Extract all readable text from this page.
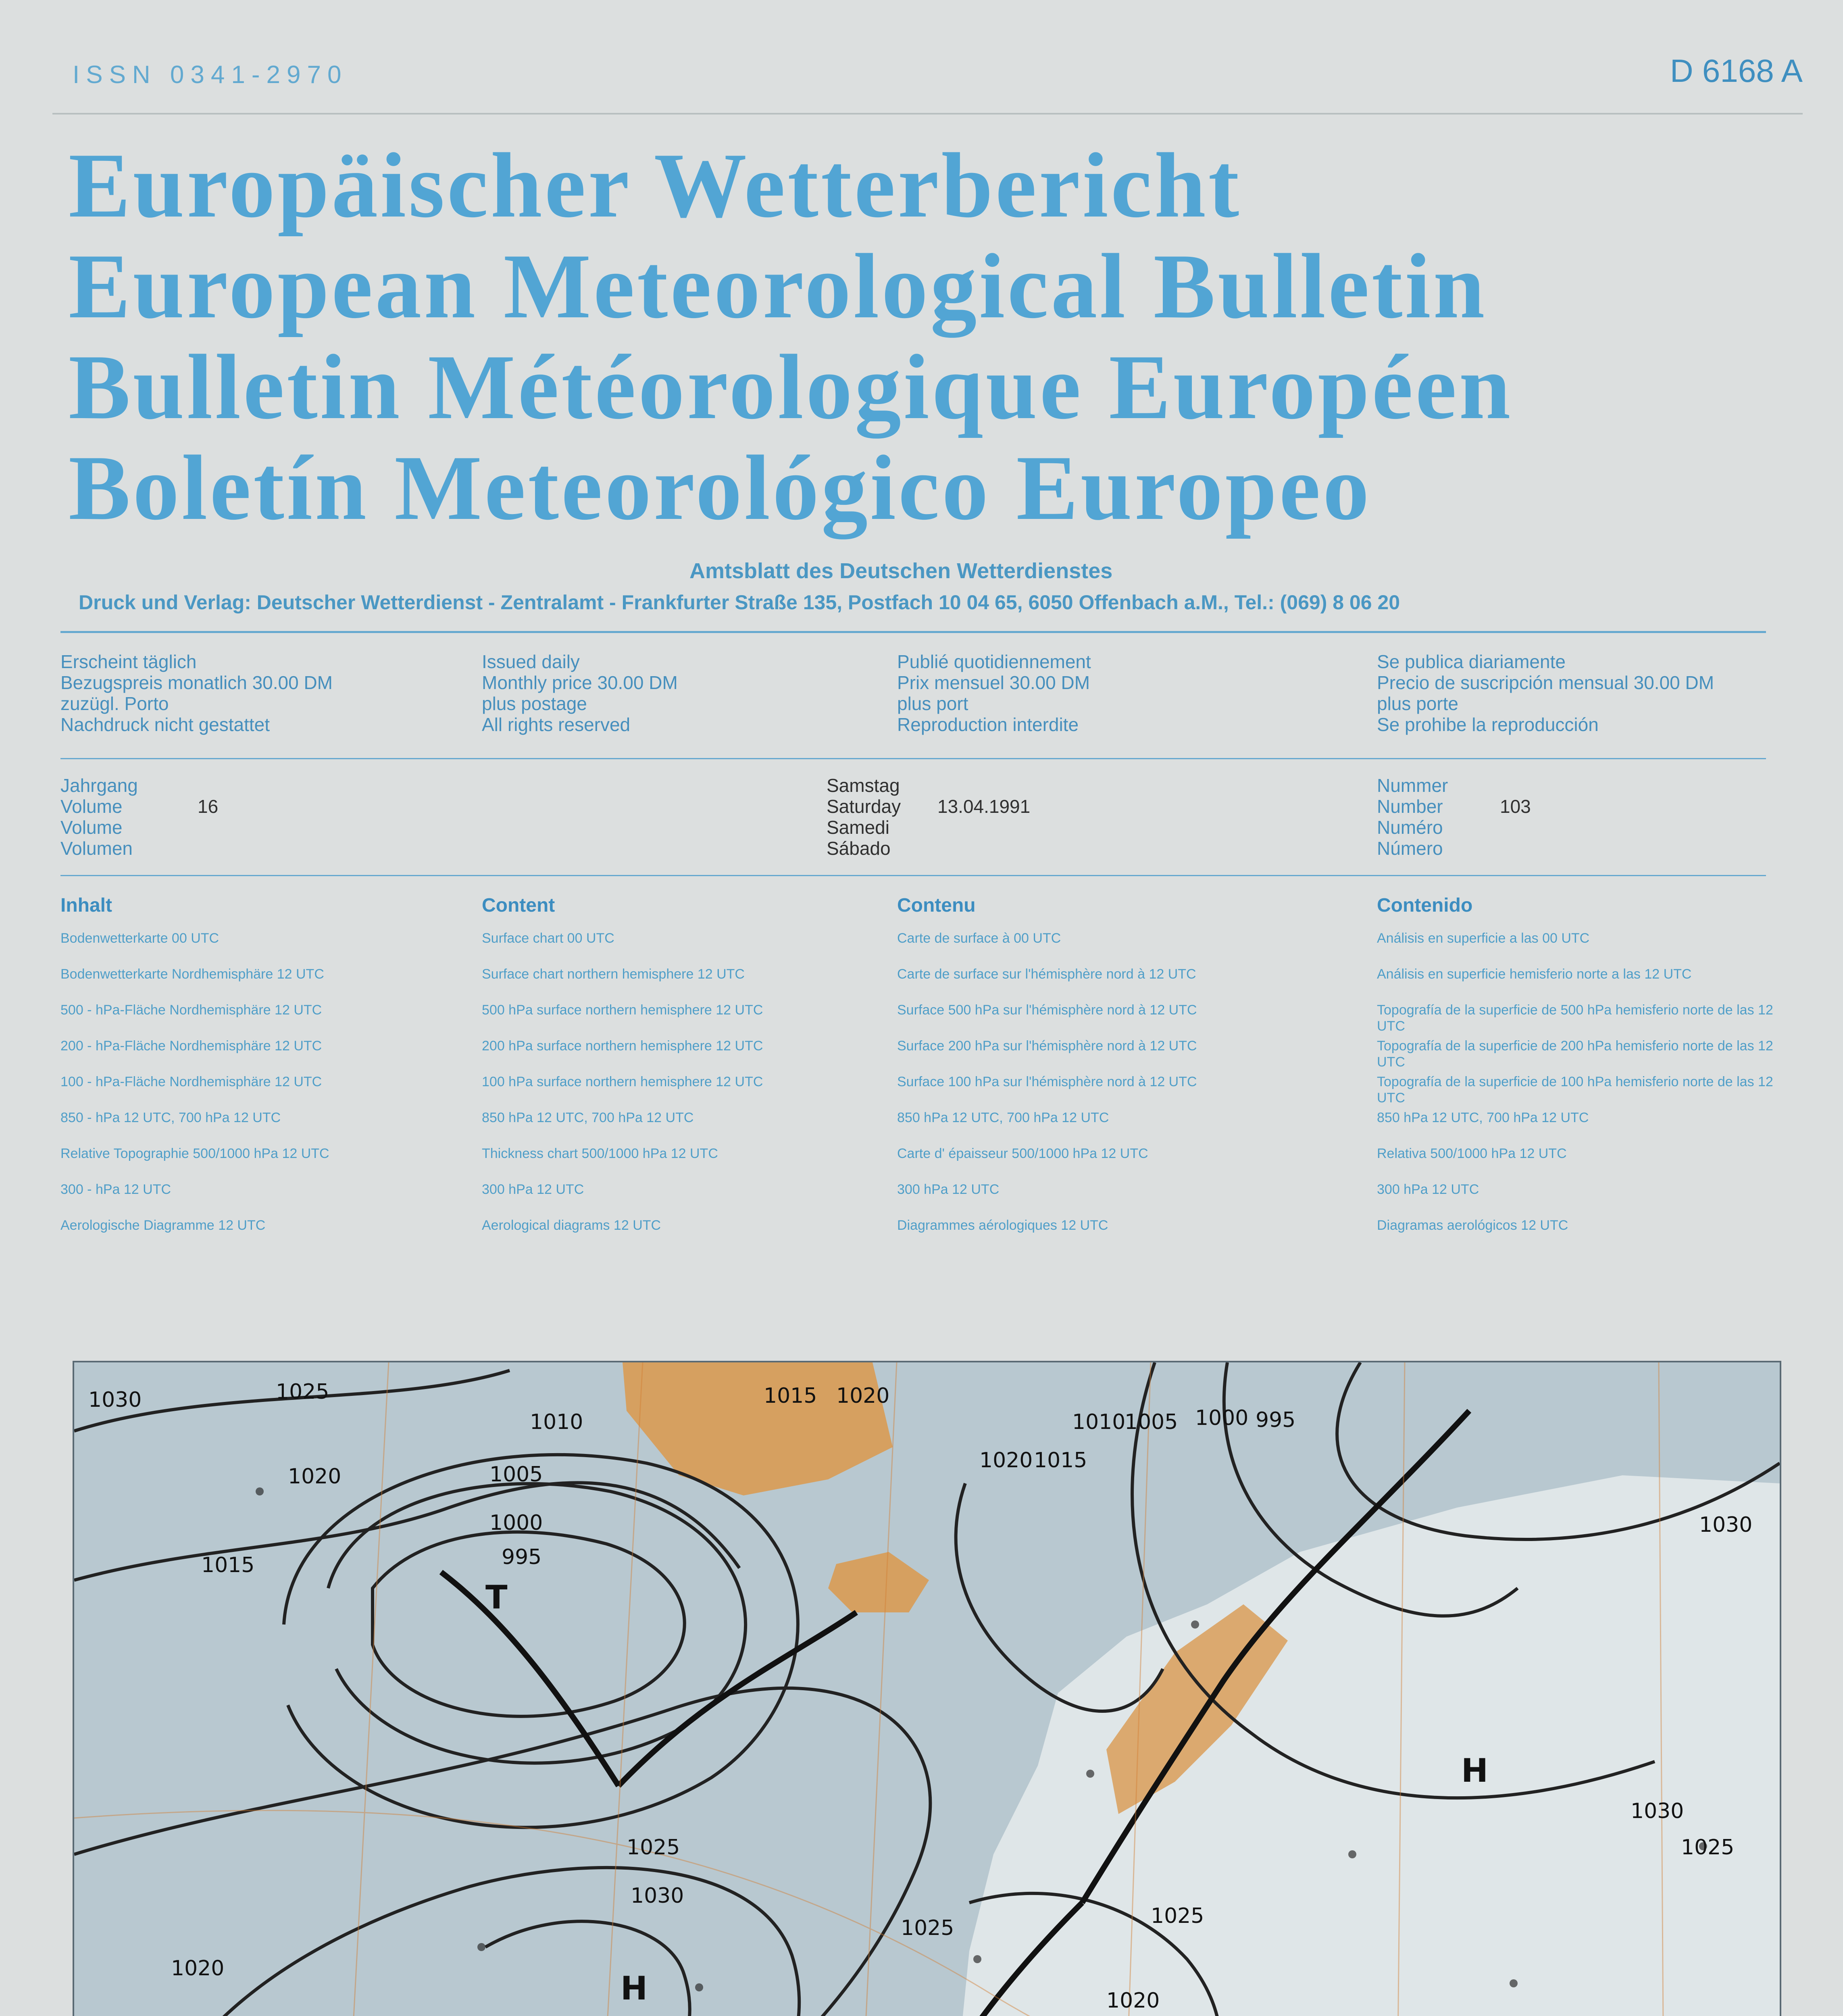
ISSN 0341-2970	D 6168 A
Europäischer Wetterbericht
European Meteorological Bulletin
Bulletin Météorologique Européen
Boletín Meteorológico Europeo
Amtsblatt des Deutschen Wetterdienstes
Druck und Verlag: Deutscher Wetterdienst - Zentralamt - Frankfurter Straße 135, Postfach 10 04 65, 6050 Offenbach a.M., Tel.: (069) 8 06 20
Erscheint täglich
Bezugspreis monatlich 30.00 DM
zuzügl. Porto
Nachdruck nicht gestattet
Issued daily
Monthly price 30.00 DM
plus postage
All rights reserved
Publié quotidiennement
Prix mensuel 30.00 DM
plus port
Reproduction interdite
Se publica diariamente
Precio de suscripción mensual 30.00 DM
plus porte
Se prohibe la reproducción
Jahrgang
Volume
Volume
Volumen
16
Samstag
Saturday
Samedi
Sábado
13.04.1991
Nummer
Number
Numéro
Número
103
Inhalt
Bodenwetterkarte 00 UTC
Bodenwetterkarte Nordhemisphäre 12 UTC
500 - hPa-Fläche Nordhemisphäre 12 UTC
200 - hPa-Fläche Nordhemisphäre 12 UTC
100 - hPa-Fläche Nordhemisphäre 12 UTC
850 - hPa 12 UTC, 700 hPa 12 UTC
Relative Topographie 500/1000 hPa 12 UTC
300 - hPa 12 UTC
Aerologische Diagramme 12 UTC
Content
Surface chart 00 UTC
Surface chart northern hemisphere 12 UTC
500 hPa surface northern hemisphere 12 UTC
200 hPa surface northern hemisphere 12 UTC
100 hPa surface northern hemisphere 12 UTC
850 hPa 12 UTC, 700 hPa 12 UTC
Thickness chart 500/1000 hPa 12 UTC
300 hPa 12 UTC
Aerological diagrams 12 UTC
Contenu
Carte de surface à 00 UTC
Carte de surface sur l'hémisphère nord à 12 UTC
Surface 500 hPa sur l'hémisphère nord à 12 UTC
Surface 200 hPa sur l'hémisphère nord à 12 UTC
Surface 100 hPa sur l'hémisphère nord à 12 UTC
850 hPa 12 UTC, 700 hPa 12 UTC
Carte d' épaisseur 500/1000 hPa 12 UTC
300 hPa 12 UTC
Diagrammes aérologiques 12 UTC
Contenido
Análisis en superficie a las 00 UTC
Análisis en superficie hemisferio norte a las 12 UTC
Topografía de la superficie de 500 hPa hemisferio norte de las 12 UTC
Topografía de la superficie de 200 hPa hemisferio norte de las 12 UTC
Topografía de la superficie de 100 hPa hemisferio norte de las 12 UTC
850 hPa 12 UTC, 700 hPa 12 UTC
Relativa 500/1000 hPa 12 UTC
300 hPa 12 UTC
Diagramas aerológicos 12 UTC
1030	1025
1010
1005
1000
995
1015 1020
1010
1005 1000 995
1020 1015
1030
1015
1020
1025
1030
1025
1020
1020
1025
1030
1025
T
H
H
